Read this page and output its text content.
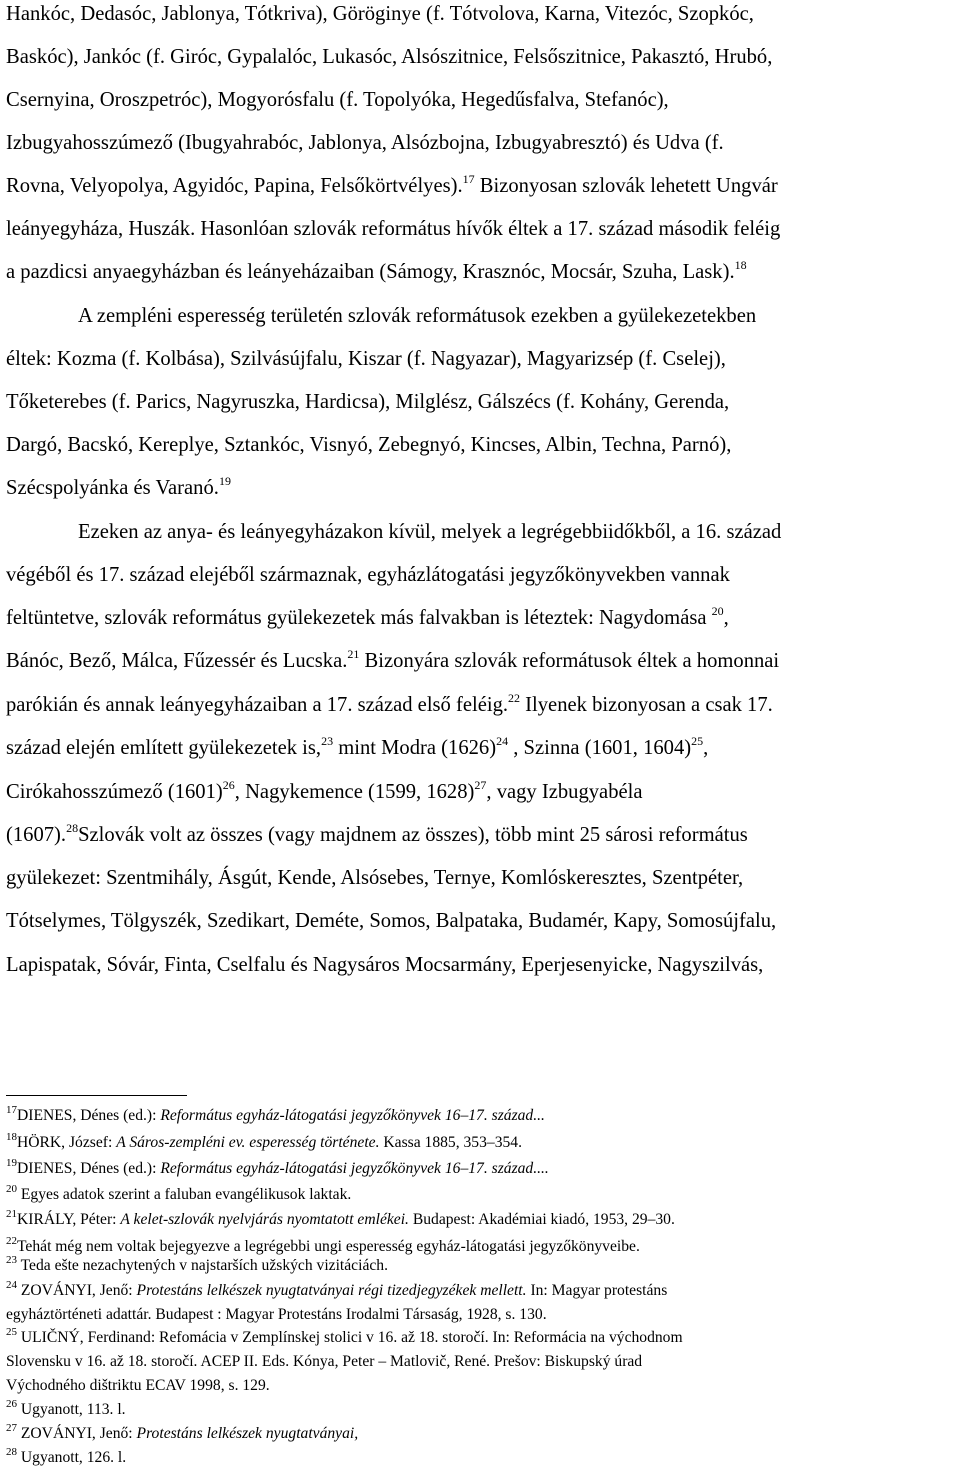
Hankóc, Dedasóc, Jablonya, Tótkriva), Göröginye (f. Tótvolova, Karna, Vitezóc, Szopkóc,
Baskóc), Jankóc (f. Giróc, Gypalalóc, Lukasóc, Alsószitnice, Felsőszitnice, Pakasztó, Hrubó,
Csernyina, Oroszpetróc), Mogyorósfalu (f. Topolyóka, Hegedűsfalva, Stefanóc),
Izbugyahosszúmező (Ibugyahrabóc, Jablonya, Alsózbojna, Izbugyabresztó) és Udva (f.
Rovna, Velyopolya, Agyidóc, Papina, Felsőkörtvélyes).$^{17}$ Bizonyosan szlovák lehetett Ungvár
leányegyháza, Huszák. Hasonlóan szlovák református hívők éltek a 17. század második feléig
a pazdicsi anyaegyházban és leányeházaiban (Sámogy, Krasznóc, Mocsár, Szuha, Lask).$^{18}$
A zempléni esperesség területén szlovák reformátusok ezekben a gyülekezetekben
éltek: Kozma (f. Kolbása), Szilvásújfalu, Kiszar (f. Nagyazar), Magyarizsép (f. Cselej),
Tőketerebes (f. Parics, Nagyruszka, Hardicsa), Milglész, Gálszécs (f. Kohány, Gerenda,
Dargó, Bacskó, Kereplye, Sztankóc, Visnyó, Zebegnyó, Kincses, Albin, Techna, Parnó),
Szécspolyánka és Varanó.$^{19}$
Ezeken az anya- és leányegyházakon kívül, melyek a legrégebbiidőkből, a 16. század
végéből és 17. század elejéből származnak, egyházlátogatási jegyzőkönyvekben vannak
feltüntetve, szlovák református gyülekezetek más falvakban is léteztek: Nagydomása $^{20}$,
Bánóc, Bező, Málca, Fűzessér és Lucska.$^{21}$ Bizonyára szlovák reformátusok éltek a homonnai
parókián és annak leányegyházaiban a 17. század első feléig.$^{22}$ Ilyenek bizonyosan a csak 17.
század elején említett gyülekezetek is,$^{23}$ mint Modra $(1626)^{24}$ , Szinna (1601, 1604)$^{25}$,
Cirókahosszúmező $(1601)^{26}$, Nagykemence (1599, 1628)$^{27}$, vagy Izbugyabéla
(1607).$^{28}$Szlovák volt az összes (vagy majdnem az összes), több mint 25 sárosi református
gyülekezet: Szentmihály, Ásgút, Kende, Alsósebes, Ternye, Komlóskeresztes, Szentpéter,
Tótselymes, Tölgyszék, Szedikart, Deméte, Somos, Balpataka, Budamér, Kapy, Somosújfalu,
Lapispatak, Sóvár, Finta, Cselfalu és Nagysáros Mocsarmány, Eperjesenyicke, Nagyszilvás,
$^{17}$DIENES, Dénes (ed.): Református egyház-látogatási jegyzőkönyvek 16–17. század...
$^{18}$HÖRK, József: A Sáros-zempléni ev. esperesség története. Kassa 1885, 353–354.
$^{19}$DIENES, Dénes (ed.): Református egyház-látogatási jegyzőkönyvek 16–17. század....
$^{20}$ Egyes adatok szerint a faluban evangélikusok laktak.
$^{21}$KIRÁLY, Péter: A kelet-szlovák nyelvjárás nyomtatott emlékei. Budapest: Akadémiai kiadó, 1953, 29–30.
$^{22}$Tehát még nem voltak bejegyezve a legrégebbi ungi esperesség egyház-látogatási jegyzőkönyveibe.
$^{23}$ Teda ešte nezachytených v najstarších užských vizitáciách.
$^{24}$ ZOVÁNYI, Jenő: Protestáns lelkészek nyugtatványai régi tizedjegyzékek mellett. In: Magyar protestáns
egyháztörténeti adattár. Budapest : Magyar Protestáns Irodalmi Társaság, 1928, s. 130.
$^{25}$ ULIČNÝ, Ferdinand: Refomácia v Zemplínskej stolici v 16. až 18. storočí. In: Reformácia na východnom
Slovensku v 16. až 18. storočí. ACEP II. Eds. Kónya, Peter – Matlovič, René. Prešov: Biskupský úrad
Východného dištriktu ECAV 1998, s. 129.
$^{26}$ Ugyanott, 113. l.
$^{27}$ ZOVÁNYI, Jenő: Protestáns lelkészek nyugtatványai,
$^{28}$ Ugyanott, 126. l.
